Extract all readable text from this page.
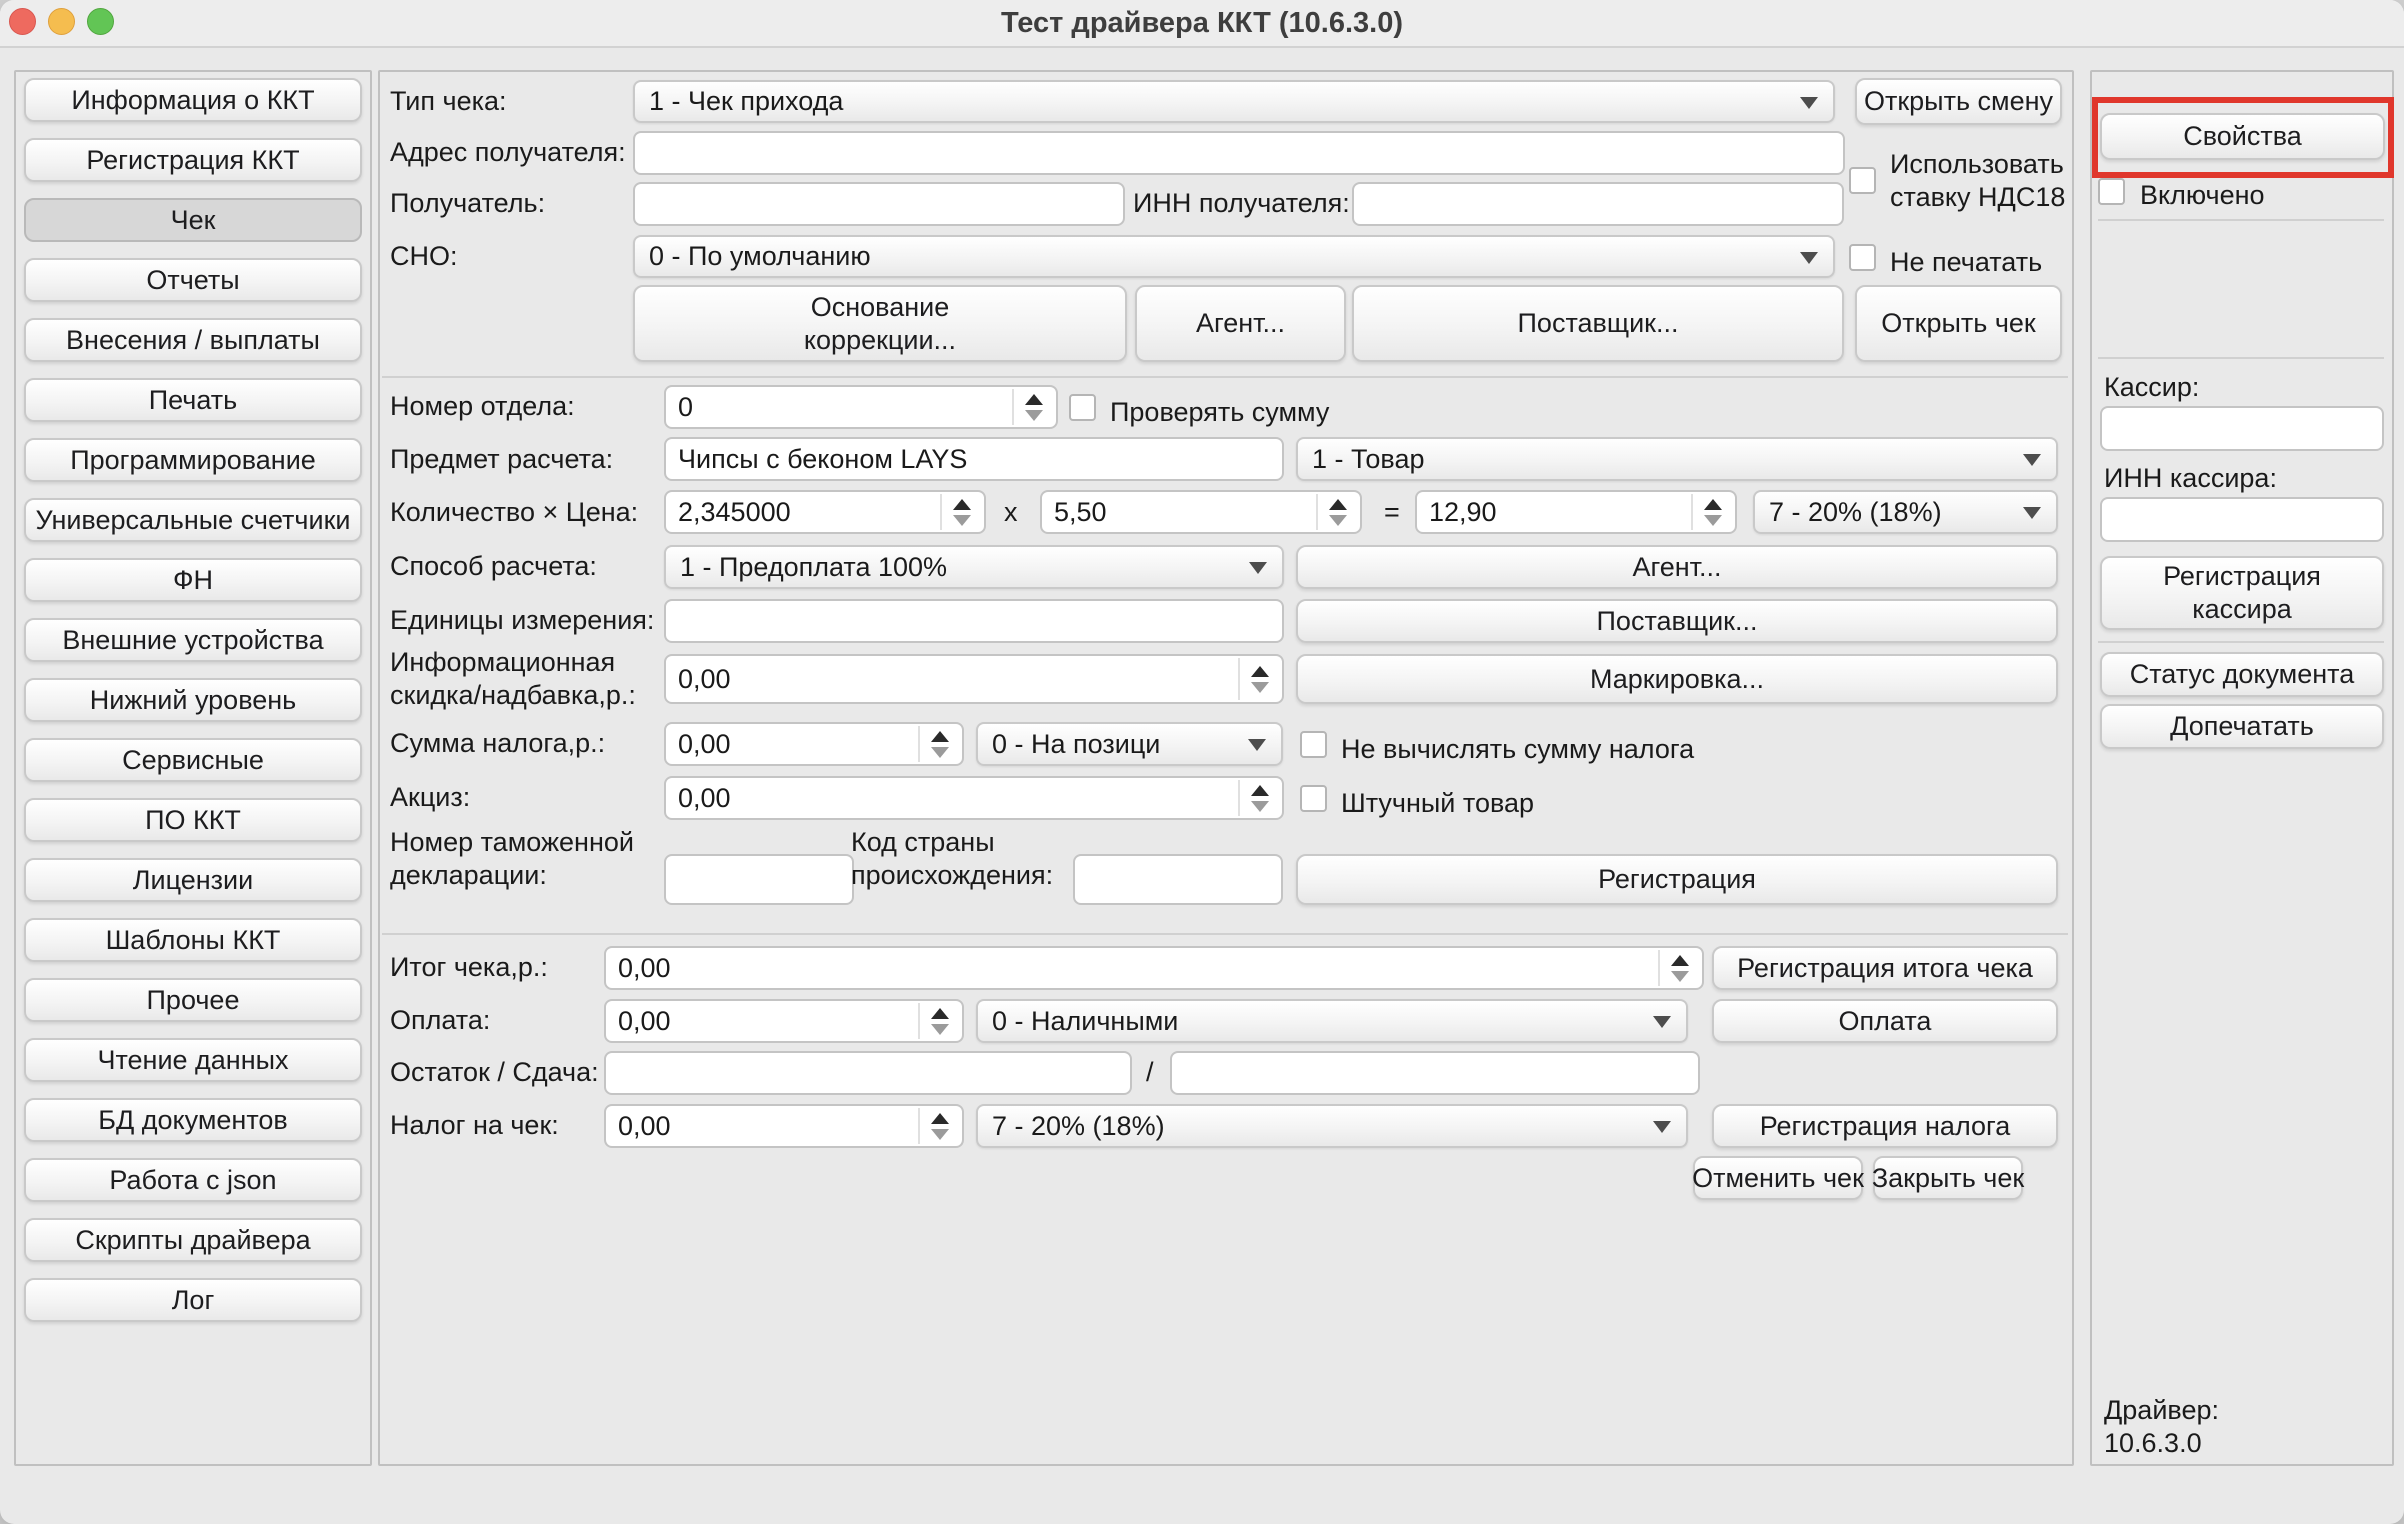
Тест драйвера ККТ (10.6.3.0)
Информация о ККТ
Регистрация ККТ
Чек
Отчеты
Внесения / выплаты
Печать
Программирование
Универсальные счетчики
ФН
Внешние устройства
Нижний уровень
Сервисные
ПО ККТ
Лицензии
Шаблоны ККТ
Прочее
Чтение данных
БД документов
Работа с json
Скрипты драйвера
Лог
Тип чека:	1 - Чек прихода	Открыть смену
Адрес получателя:	Использовать
ставку НДС18
Получатель:	ИНН получателя:
СНО:	0 - По умолчанию	Не печатать
Основание
коррекции...
Агент...	Поставщик...	Открыть чек
Номер отдела:	0	Проверять сумму
Предмет расчета: Чипсы с беконом LAYS	1 - Товар
Количество × Цена: 2,345000	x 5,50	= 12,90	7 - 20% (18%)
Способ расчета:	1 - Предоплата 100%	Агент...
Единицы измерения:	Поставщик...
Информационная
скидка/надбавка,р.:
0,00	Маркировка...
Сумма налога,р.:	0,00	0 - На позици	Не вычислять сумму налога
Акциз:	0,00	Штучный товар
Номер таможенной
декларации:
Код страны
происхождения:	Регистрация
Итог чека,р.:	0,00	Регистрация итога чека
Оплата:	0,00	0 - Наличными	Оплата
Остаток / Сдача:	/
Налог на чек: 0,00	7 - 20% (18%)	Регистрация налога
Отменить чек Закрыть чек
Свойства
Включено
Кассир:
ИНН кассира:
Регистрация
кассира
Статус документа
Допечатать
Драйвер:
10.6.3.0
